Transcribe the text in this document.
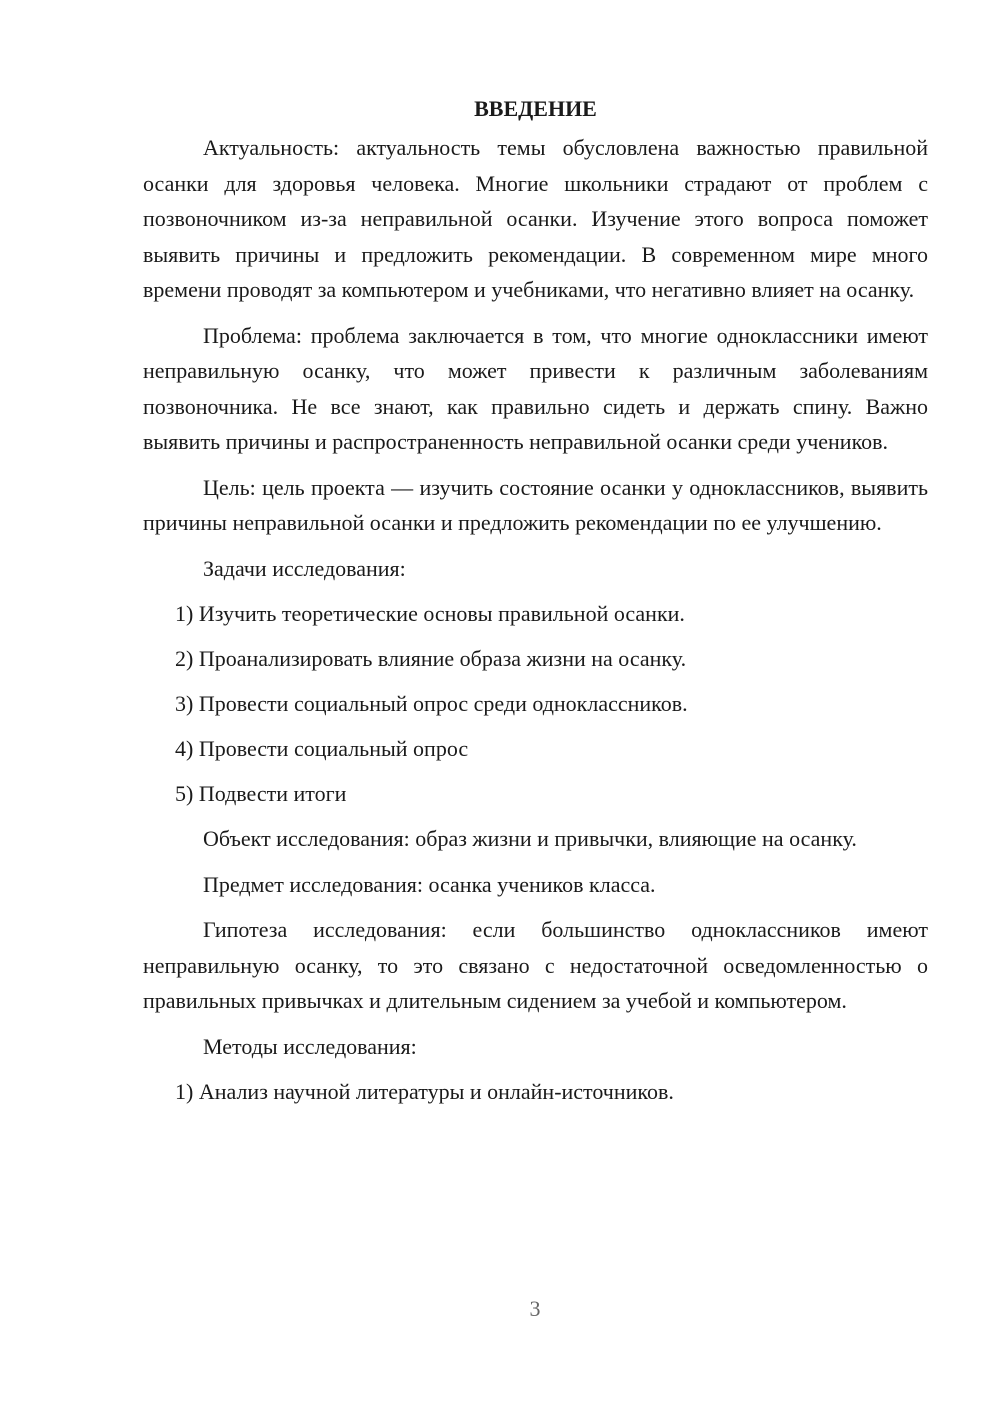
ВВЕДЕНИЕ

Актуальность: актуальность темы обусловлена важностью правильной осанки для здоровья человека. Многие школьники страдают от проблем с позвоночником из-за неправильной осанки. Изучение этого вопроса поможет выявить причины и предложить рекомендации. В современном мире много времени проводят за компьютером и учебниками, что негативно влияет на осанку.

Проблема: проблема заключается в том, что многие одноклассники имеют неправильную осанку, что может привести к различным заболеваниям позвоночника. Не все знают, как правильно сидеть и держать спину. Важно выявить причины и распространенность неправильной осанки среди учеников.

Цель: цель проекта — изучить состояние осанки у одноклассников, выявить причины неправильной осанки и предложить рекомендации по ее улучшению.

Задачи исследования:

1) Изучить теоретические основы правильной осанки.
2) Проанализировать влияние образа жизни на осанку.
3) Провести социальный опрос среди одноклассников.
4) Провести социальный опрос
5) Подвести итоги

Объект исследования: образ жизни и привычки, влияющие на осанку.

Предмет исследования: осанка учеников класса.

Гипотеза исследования: если большинство одноклассников имеют неправильную осанку, то это связано с недостаточной осведомленностью о правильных привычках и длительным сидением за учебой и компьютером.

Методы исследования:

1) Анализ научной литературы и онлайн-источников.
3
